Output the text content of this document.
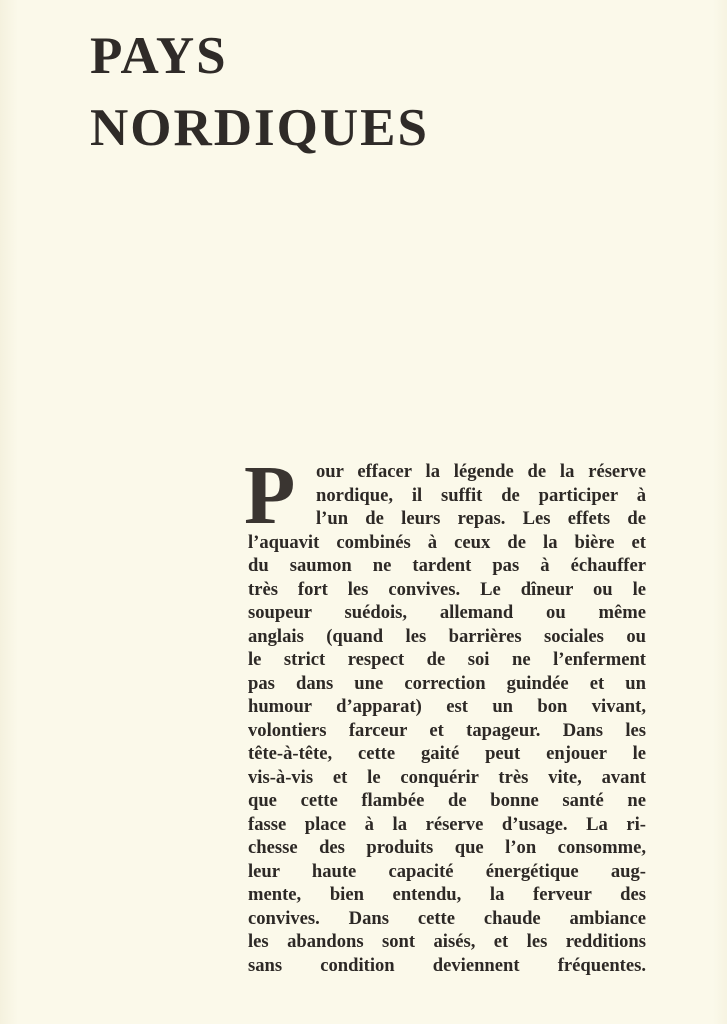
PAYS
NORDIQUES
P	our effacer la légende de la réserve
nordique, il suffit de participer à
l’un de leurs repas. Les effets de
l’aquavit combinés à ceux de la bière et
du saumon ne tardent pas à échauffer
très fort les convives. Le dîneur ou le
soupeur suédois, allemand ou même
anglais (quand les barrières sociales ou
le strict respect de soi ne l’enferment
pas dans une correction guindée et un
humour d’apparat) est un bon vivant,
volontiers farceur et tapageur. Dans les
tête-à-tête, cette gaité peut enjouer le
vis-à-vis et le conquérir très vite, avant
que cette flambée de bonne santé ne
fasse place à la réserve d’usage. La ri-
chesse des produits que l’on consomme,
leur haute capacité énergétique aug-
mente, bien entendu, la ferveur des
convives. Dans cette chaude ambiance
les abandons sont aisés, et les redditions
sans condition deviennent fréquentes.
